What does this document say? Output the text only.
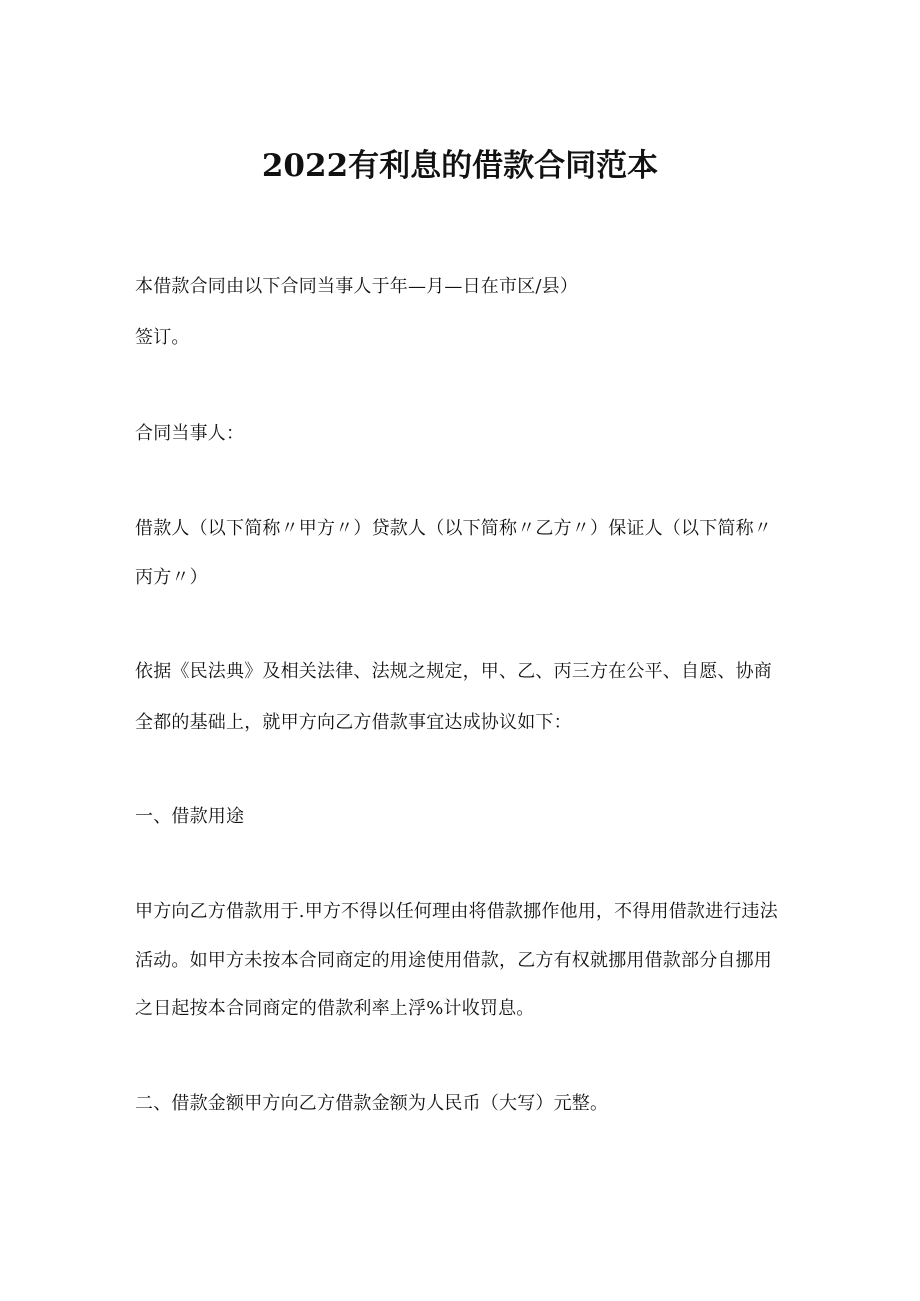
2022有利息的借款合同范本
本借款合同由以下合同当事人于年—月—日在市区/县）
签订。
合同当事人：
借款人（以下简称〃甲方〃）贷款人（以下简称〃乙方〃）保证人（以下简称〃
丙方〃）
依据《民法典》及相关法律、法规之规定，甲、乙、丙三方在公平、自愿、协商
全都的基础上，就甲方向乙方借款事宜达成协议如下：
一、借款用途
甲方向乙方借款用于.甲方不得以任何理由将借款挪作他用，不得用借款进行违法
活动。如甲方未按本合同商定的用途使用借款，乙方有权就挪用借款部分自挪用
之日起按本合同商定的借款利率上浮%计收罚息。
二、借款金额甲方向乙方借款金额为人民币（大写）元整。
